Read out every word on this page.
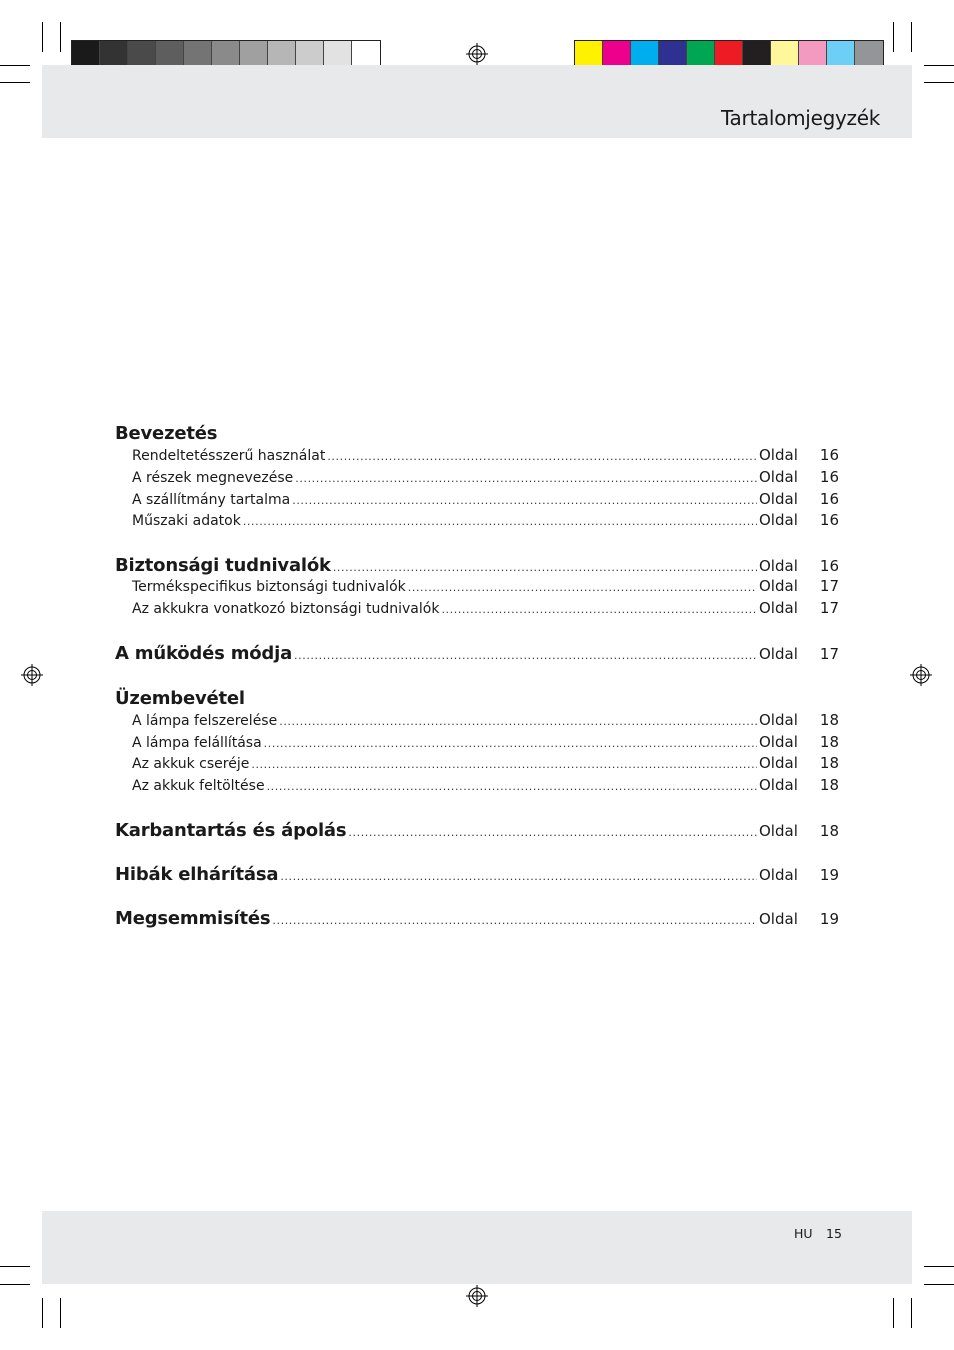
Tartalomjegyzék
Bevezetés
Rendeltetésszerű használat .....	Oldal	16
A részek megnevezése .....	Oldal	16
A szállítmány tartalma .....	Oldal	16
Műszaki adatok .....	Oldal	16
Biztonsági tudnivalók .....	Oldal	16
Termékspecifikus biztonsági tudnivalók .....	Oldal	17
Az akkukra vonatkozó biztonsági tudnivalók .....	Oldal	17
A működés módja .....	Oldal	17
Üzembevétel
A lámpa felszerelése .....	Oldal	18
A lámpa felállítása .....	Oldal	18
Az akkuk cseréje .....	Oldal	18
Az akkuk feltöltése .....	Oldal	18
Karbantartás és ápolás .....	Oldal	18
Hibák elhárítása .....	Oldal	19
Megsemmisítés .....	Oldal	19
HU 15
